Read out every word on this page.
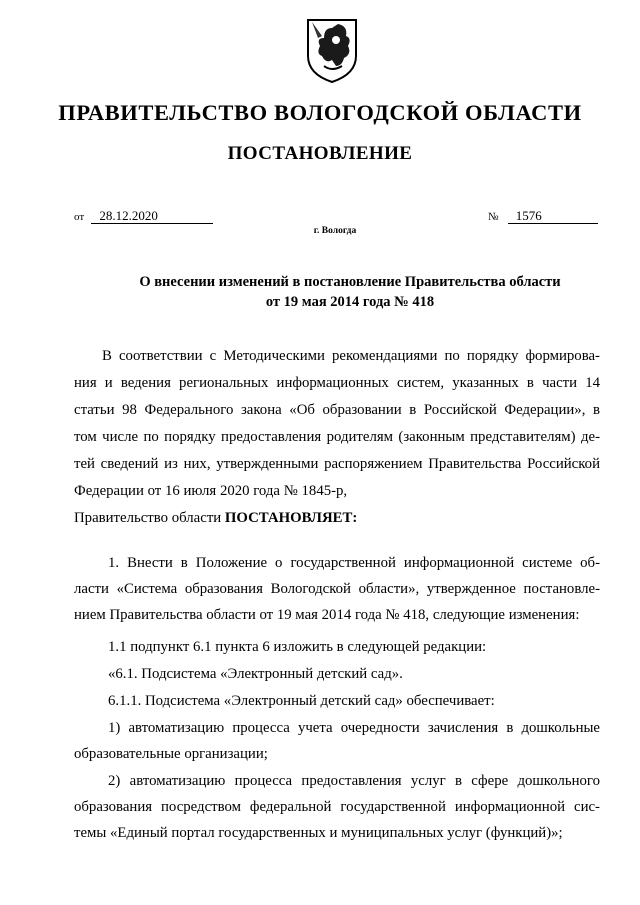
ПРАВИТЕЛЬСТВО ВОЛОГОДСКОЙ ОБЛАСТИ
ПОСТАНОВЛЕНИЕ
от 28.12.2020	№ 1576
г. Вологда
О внесении изменений в постановление Правительства области
от 19 мая 2014 года № 418
В соответствии с Методическими рекомендациями по порядку формирова-
ния и ведения региональных информационных систем, указанных в части 14
статьи 98 Федерального закона «Об образовании в Российской Федерации», в
том числе по порядку предоставления родителям (законным представителям) де-
тей сведений из них, утвержденными распоряжением Правительства Российской
Федерации от 16 июля 2020 года № 1845-р,
Правительство области ПОСТАНОВЛЯЕТ:
1. Внести в Положение о государственной информационной системе об-
ласти «Система образования Вологодской области», утвержденное постановле-
нием Правительства области от 19 мая 2014 года № 418, следующие изменения:
1.1 подпункт 6.1 пункта 6 изложить в следующей редакции:
«6.1. Подсистема «Электронный детский сад».
6.1.1. Подсистема «Электронный детский сад» обеспечивает:
1) автоматизацию процесса учета очередности зачисления в дошкольные
образовательные организации;
2) автоматизацию процесса предоставления услуг в сфере дошкольного
образования посредством федеральной государственной информационной сис-
темы «Единый портал государственных и муниципальных услуг (функций)»;
